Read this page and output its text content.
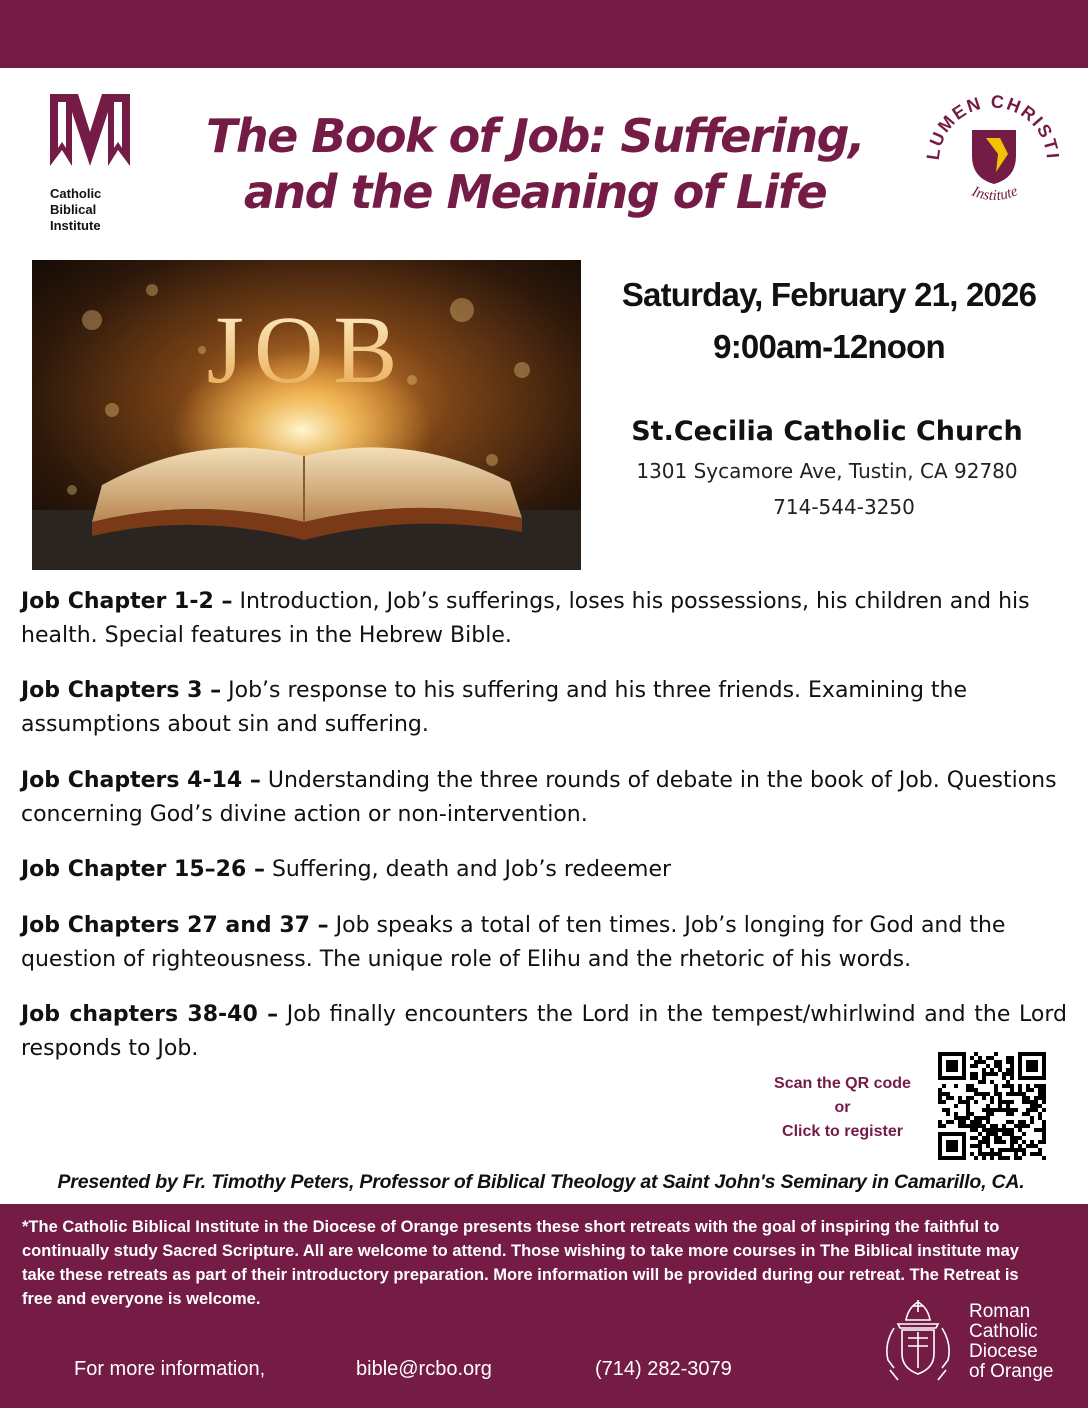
Catholic
Biblical
Institute
The Book of Job: Suffering,
and the Meaning of Life
LUMEN CHRISTI
Institute
JOB
Saturday, February 21, 2026
9:00am-12noon
St.Cecilia Catholic Church
1301 Sycamore Ave, Tustin, CA 92780
714-544-3250

Job Chapter 1-2 – Introduction, Job’s sufferings, loses his possessions, his children and his health. Special features in the Hebrew Bible.

Job Chapters 3 – Job’s response to his suffering and his three friends. Examining the assumptions about sin and suffering.

Job Chapters 4-14 – Understanding the three rounds of debate in the book of Job. Questions concerning God’s divine action or non-intervention.

Job Chapter 15–26 – Suffering, death and Job’s redeemer

Job Chapters 27 and 37 – Job speaks a total of ten times. Job’s longing for God and the question of righteousness. The unique role of Elihu and the rhetoric of his words.

Job chapters 38-40 – Job finally encounters the Lord in the tempest/whirlwind and the Lord responds to Job.

Scan the QR code
or
Click to register
Presented by Fr. Timothy Peters, Professor of Biblical Theology at Saint John's Seminary in Camarillo, CA.
*The Catholic Biblical Institute in the Diocese of Orange presents these short retreats with the goal of inspiring the faithful to continually study Sacred Scripture. All are welcome to attend. Those wishing to take more courses in The Biblical institute may take these retreats as part of their introductory preparation. More information will be provided during our retreat. The Retreat is free and everyone is welcome.
For more information,	bible@rcbo.org	(714) 282-3079
Roman
Catholic
Diocese
of Orange
